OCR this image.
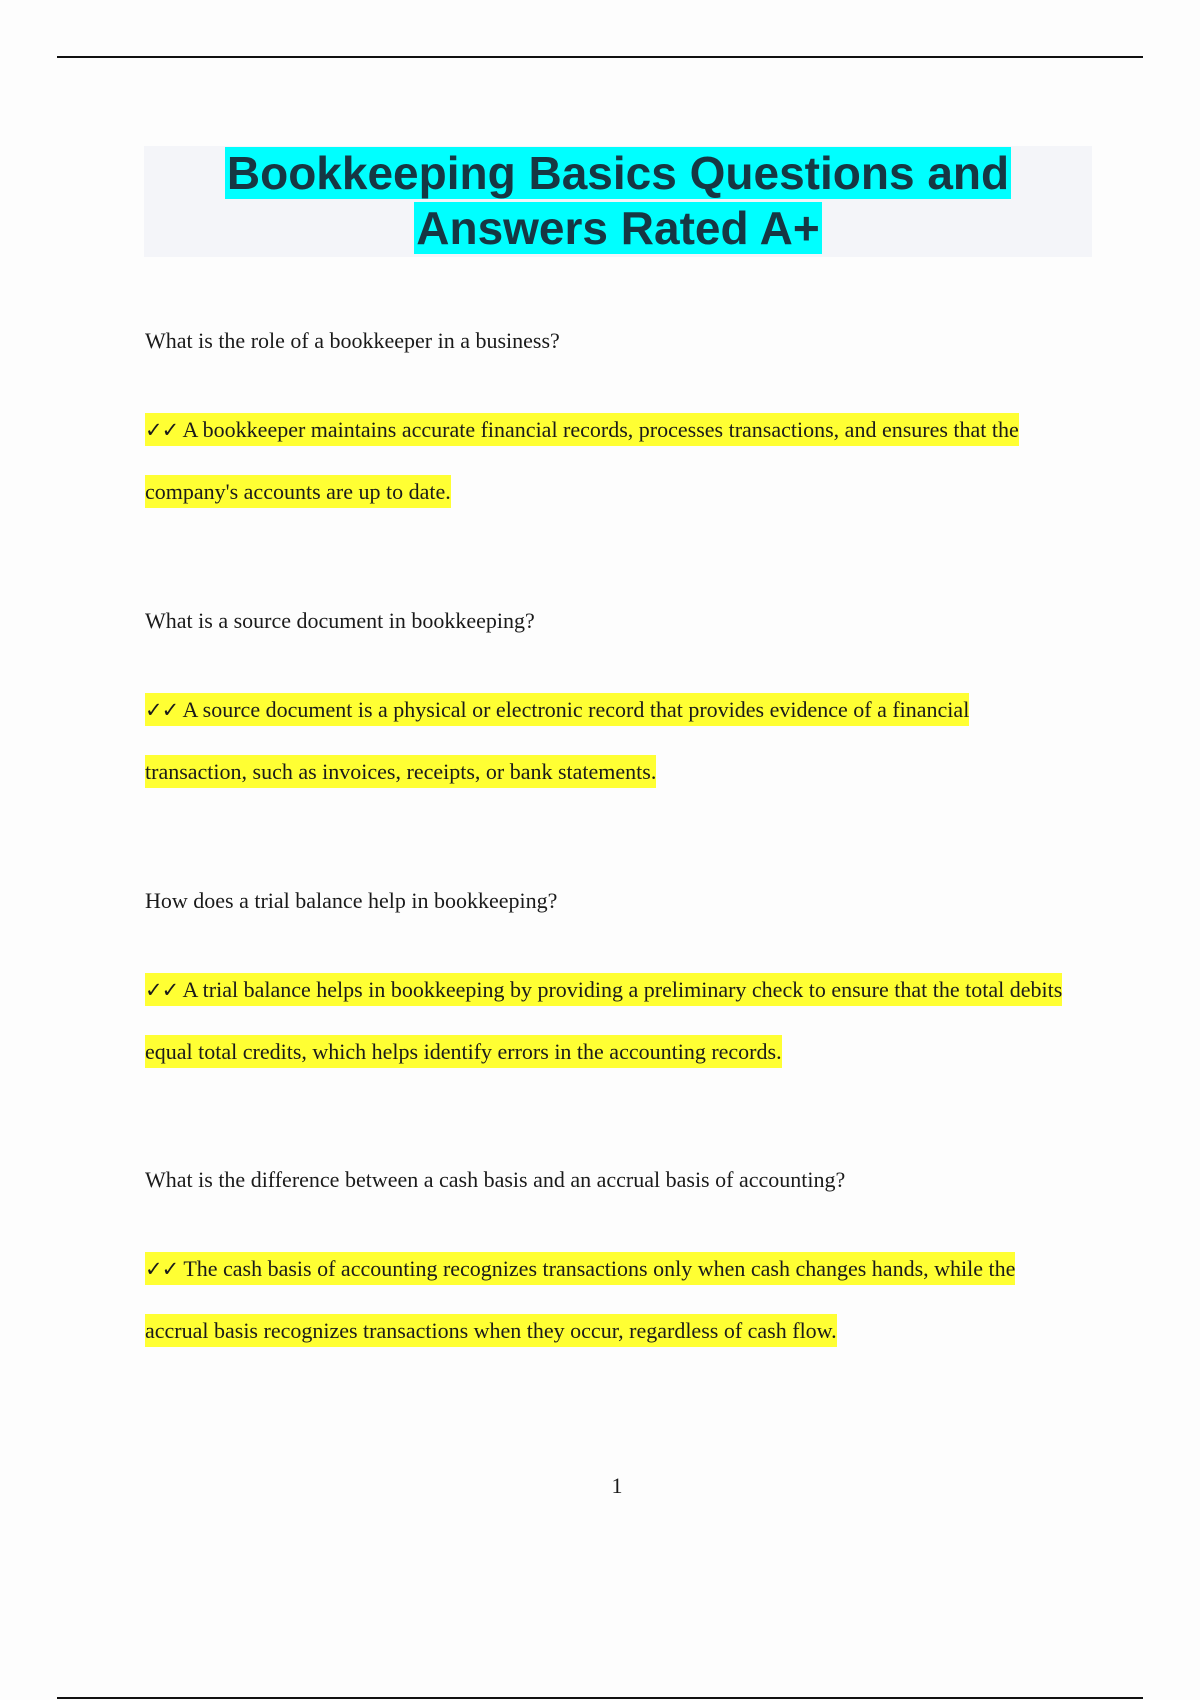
Bookkeeping Basics Questions and
Answers Rated A+
What is the role of a bookkeeper in a business?
✓✓ A bookkeeper maintains accurate financial records, processes transactions, and ensures that the company's accounts are up to date.
What is a source document in bookkeeping?
✓✓ A source document is a physical or electronic record that provides evidence of a financial transaction, such as invoices, receipts, or bank statements.
How does a trial balance help in bookkeeping?
✓✓ A trial balance helps in bookkeeping by providing a preliminary check to ensure that the total debits equal total credits, which helps identify errors in the accounting records.
What is the difference between a cash basis and an accrual basis of accounting?
✓✓ The cash basis of accounting recognizes transactions only when cash changes hands, while the accrual basis recognizes transactions when they occur, regardless of cash flow.
1
